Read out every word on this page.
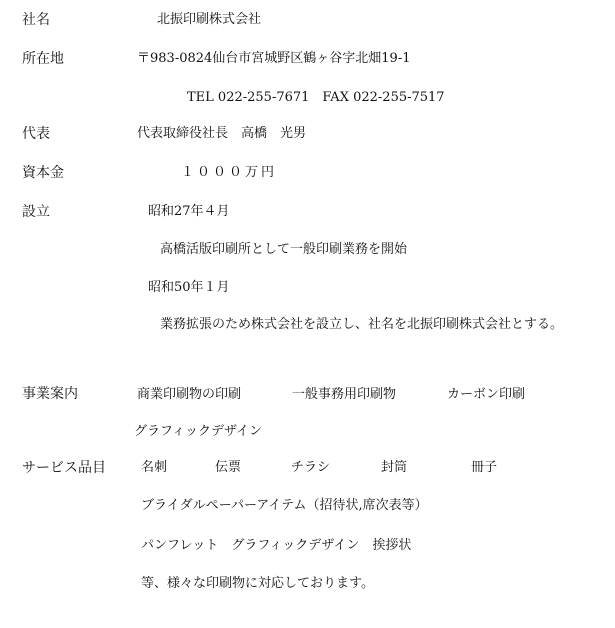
社名	北振印刷株式会社
所在地	〒983-0824仙台市宮城野区鶴ヶ谷字北畑19-1
TEL 022-255-7671　FAX 022-255-7517
代表	代表取締役社長　高橋　光男
資本金	１０００万円
設立	昭和27年４月
高橋活版印刷所として一般印刷業務を開始
昭和50年１月
業務拡張のため株式会社を設立し、社名を北振印刷株式会社とする。
事業案内	商業印刷物の印刷	一般事務用印刷物	カーボン印刷
グラフィックデザイン
サービス品目	名刺	伝票	チラシ	封筒	冊子
ブライダルペーパーアイテム（招待状,席次表等）
パンフレット　グラフィックデザイン　挨拶状
等、様々な印刷物に対応しております。
